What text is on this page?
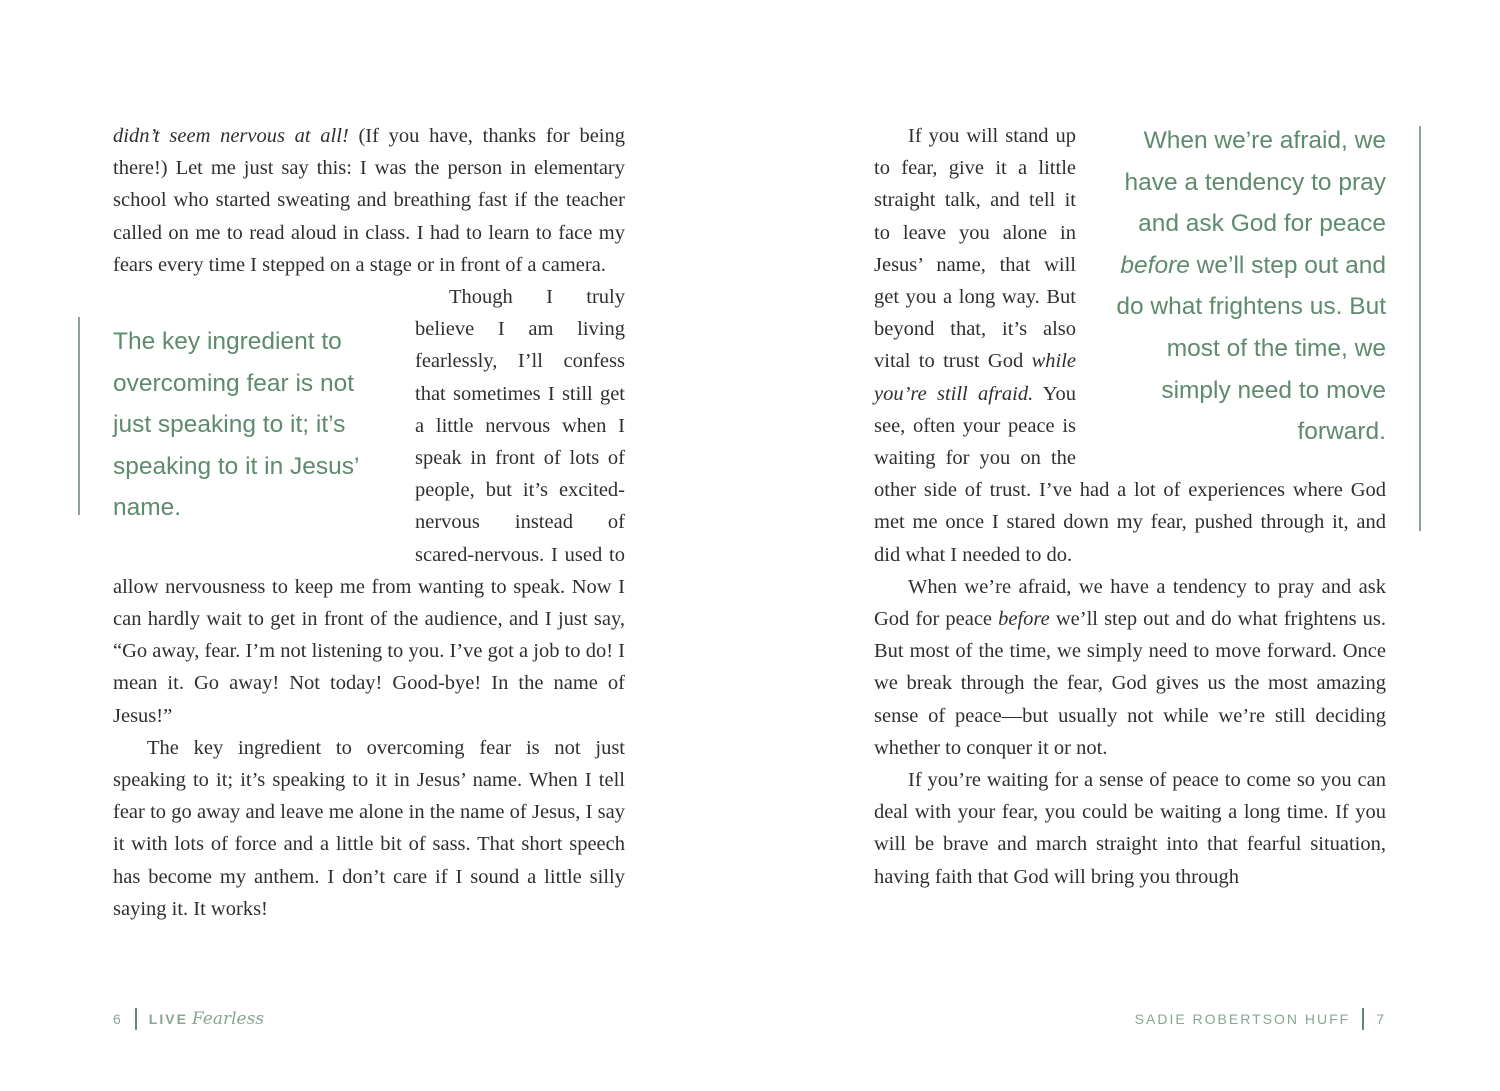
didn’t seem nervous at all! (If you have, thanks for being there!) Let me just say this: I was the person in elementary school who started sweating and breathing fast if the teacher called on me to read aloud in class. I had to learn to face my fears every time I stepped on a stage or in front of a camera.

The key ingredient to overcoming fear is not just speaking to it; it’s speaking to it in Jesus’ name.

Though I truly believe I am living fearlessly, I’ll confess that sometimes I still get a little nervous when I speak in front of lots of people, but it’s excited-nervous instead of scared-nervous. I used to allow nervousness to keep me from wanting to speak. Now I can hardly wait to get in front of the audience, and I just say, “Go away, fear. I’m not listening to you. I’ve got a job to do! I mean it. Go away! Not today! Good-bye! In the name of Jesus!”

The key ingredient to overcoming fear is not just speaking to it; it’s speaking to it in Jesus’ name. When I tell fear to go away and leave me alone in the name of Jesus, I say it with lots of force and a little bit of sass. That short speech has become my anthem. I don’t care if I sound a little silly saying it. It works!

6 LIVE Fearless
When we’re afraid, we have a tendency to pray and ask God for peace before we’ll step out and do what frightens us. But most of the time, we simply need to move forward.

If you will stand up to fear, give it a little straight talk, and tell it to leave you alone in Jesus’ name, that will get you a long way. But beyond that, it’s also vital to trust God while you’re still afraid. You see, often your peace is waiting for you on the other side of trust. I’ve had a lot of experiences where God met me once I stared down my fear, pushed through it, and did what I needed to do.

When we’re afraid, we have a tendency to pray and ask God for peace before we’ll step out and do what frightens us. But most of the time, we simply need to move forward. Once we break through the fear, God gives us the most amazing sense of peace—but usually not while we’re still deciding whether to conquer it or not.

If you’re waiting for a sense of peace to come so you can deal with your fear, you could be waiting a long time. If you will be brave and march straight into that fearful situation, having faith that God will bring you through

SADIE ROBERTSON HUFF 7
